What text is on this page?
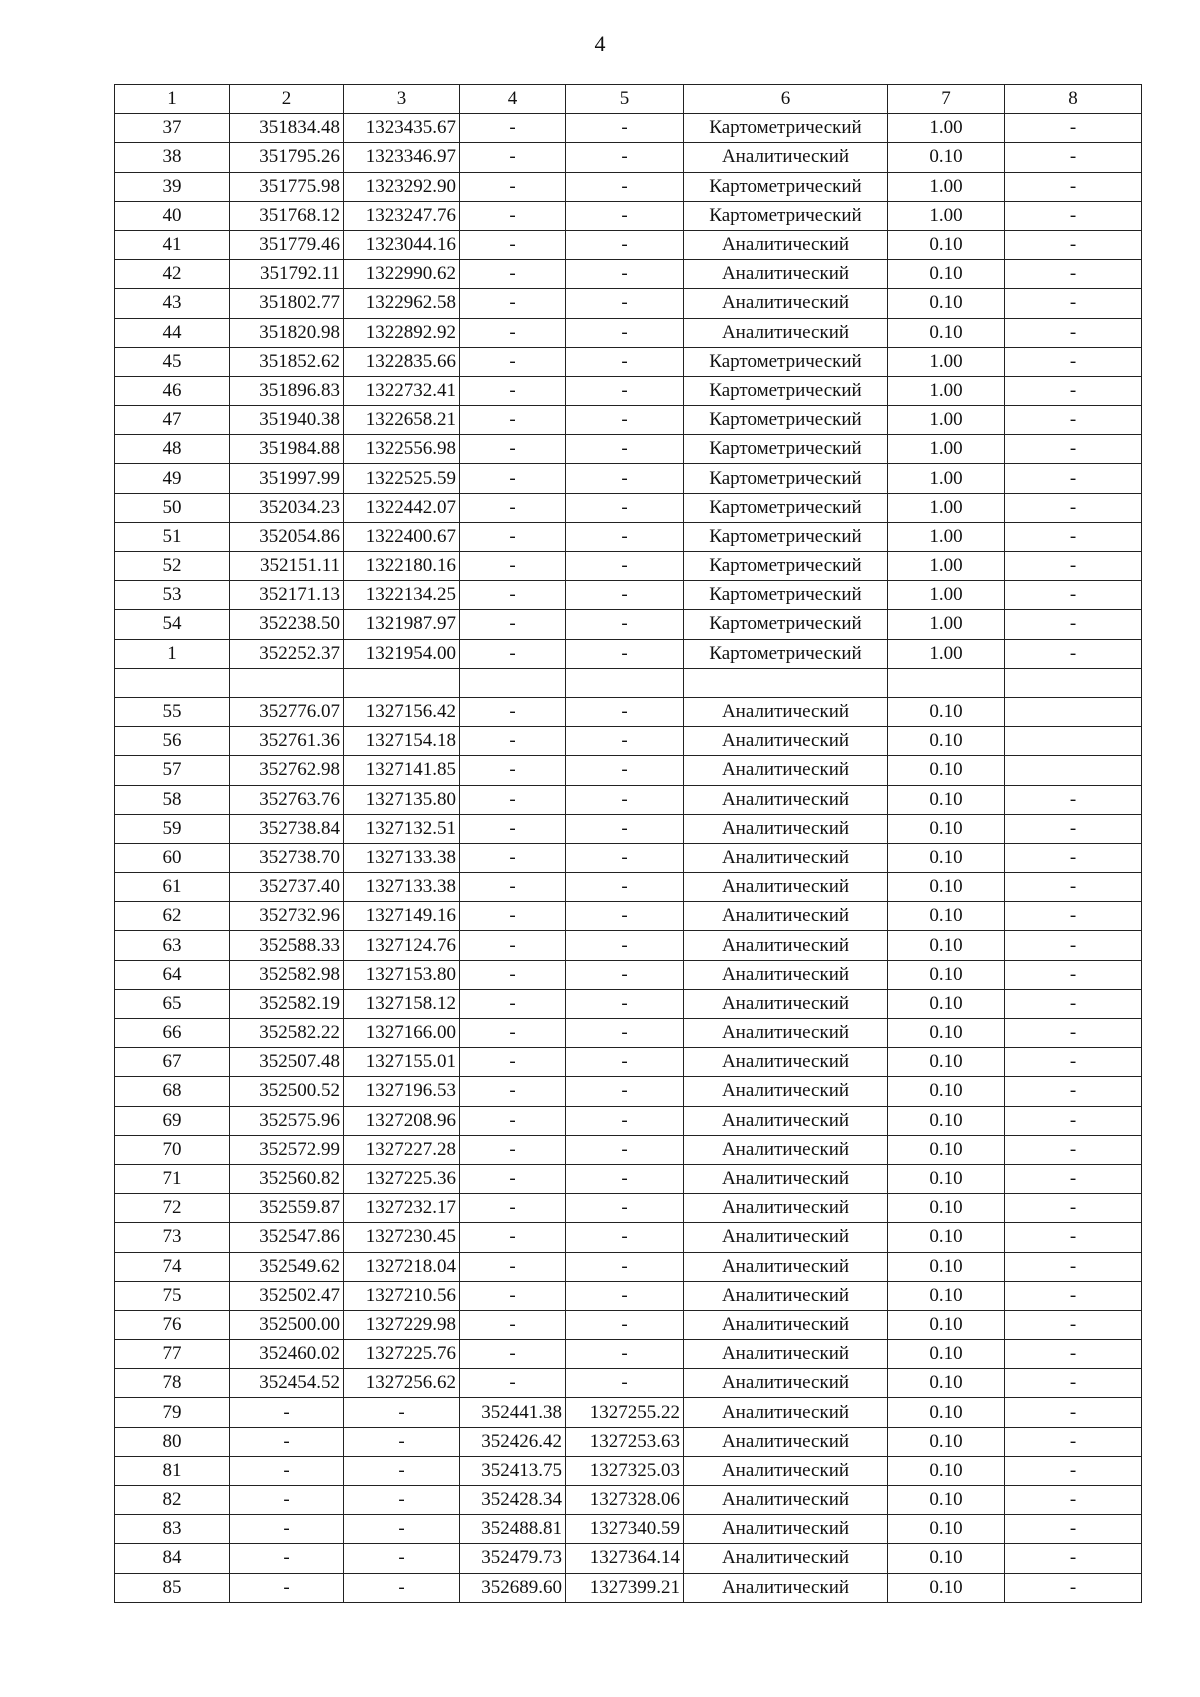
4
1	2	3	4	5	6	7	8
37	351834.48	1323435.67	-	-	Картометрический	1.00	-
38	351795.26	1323346.97	-	-	Аналитический	0.10	-
39	351775.98	1323292.90	-	-	Картометрический	1.00	-
40	351768.12	1323247.76	-	-	Картометрический	1.00	-
41	351779.46	1323044.16	-	-	Аналитический	0.10	-
42	351792.11	1322990.62	-	-	Аналитический	0.10	-
43	351802.77	1322962.58	-	-	Аналитический	0.10	-
44	351820.98	1322892.92	-	-	Аналитический	0.10	-
45	351852.62	1322835.66	-	-	Картометрический	1.00	-
46	351896.83	1322732.41	-	-	Картометрический	1.00	-
47	351940.38	1322658.21	-	-	Картометрический	1.00	-
48	351984.88	1322556.98	-	-	Картометрический	1.00	-
49	351997.99	1322525.59	-	-	Картометрический	1.00	-
50	352034.23	1322442.07	-	-	Картометрический	1.00	-
51	352054.86	1322400.67	-	-	Картометрический	1.00	-
52	352151.11	1322180.16	-	-	Картометрический	1.00	-
53	352171.13	1322134.25	-	-	Картометрический	1.00	-
54	352238.50	1321987.97	-	-	Картометрический	1.00	-
1	352252.37	1321954.00	-	-	Картометрический	1.00	-

55	352776.07	1327156.42	-	-	Аналитический	0.10	
56	352761.36	1327154.18	-	-	Аналитический	0.10	
57	352762.98	1327141.85	-	-	Аналитический	0.10	
58	352763.76	1327135.80	-	-	Аналитический	0.10	-
59	352738.84	1327132.51	-	-	Аналитический	0.10	-
60	352738.70	1327133.38	-	-	Аналитический	0.10	-
61	352737.40	1327133.38	-	-	Аналитический	0.10	-
62	352732.96	1327149.16	-	-	Аналитический	0.10	-
63	352588.33	1327124.76	-	-	Аналитический	0.10	-
64	352582.98	1327153.80	-	-	Аналитический	0.10	-
65	352582.19	1327158.12	-	-	Аналитический	0.10	-
66	352582.22	1327166.00	-	-	Аналитический	0.10	-
67	352507.48	1327155.01	-	-	Аналитический	0.10	-
68	352500.52	1327196.53	-	-	Аналитический	0.10	-
69	352575.96	1327208.96	-	-	Аналитический	0.10	-
70	352572.99	1327227.28	-	-	Аналитический	0.10	-
71	352560.82	1327225.36	-	-	Аналитический	0.10	-
72	352559.87	1327232.17	-	-	Аналитический	0.10	-
73	352547.86	1327230.45	-	-	Аналитический	0.10	-
74	352549.62	1327218.04	-	-	Аналитический	0.10	-
75	352502.47	1327210.56	-	-	Аналитический	0.10	-
76	352500.00	1327229.98	-	-	Аналитический	0.10	-
77	352460.02	1327225.76	-	-	Аналитический	0.10	-
78	352454.52	1327256.62	-	-	Аналитический	0.10	-
79	-	-	352441.38	1327255.22	Аналитический	0.10	-
80	-	-	352426.42	1327253.63	Аналитический	0.10	-
81	-	-	352413.75	1327325.03	Аналитический	0.10	-
82	-	-	352428.34	1327328.06	Аналитический	0.10	-
83	-	-	352488.81	1327340.59	Аналитический	0.10	-
84	-	-	352479.73	1327364.14	Аналитический	0.10	-
85	-	-	352689.60	1327399.21	Аналитический	0.10	-
